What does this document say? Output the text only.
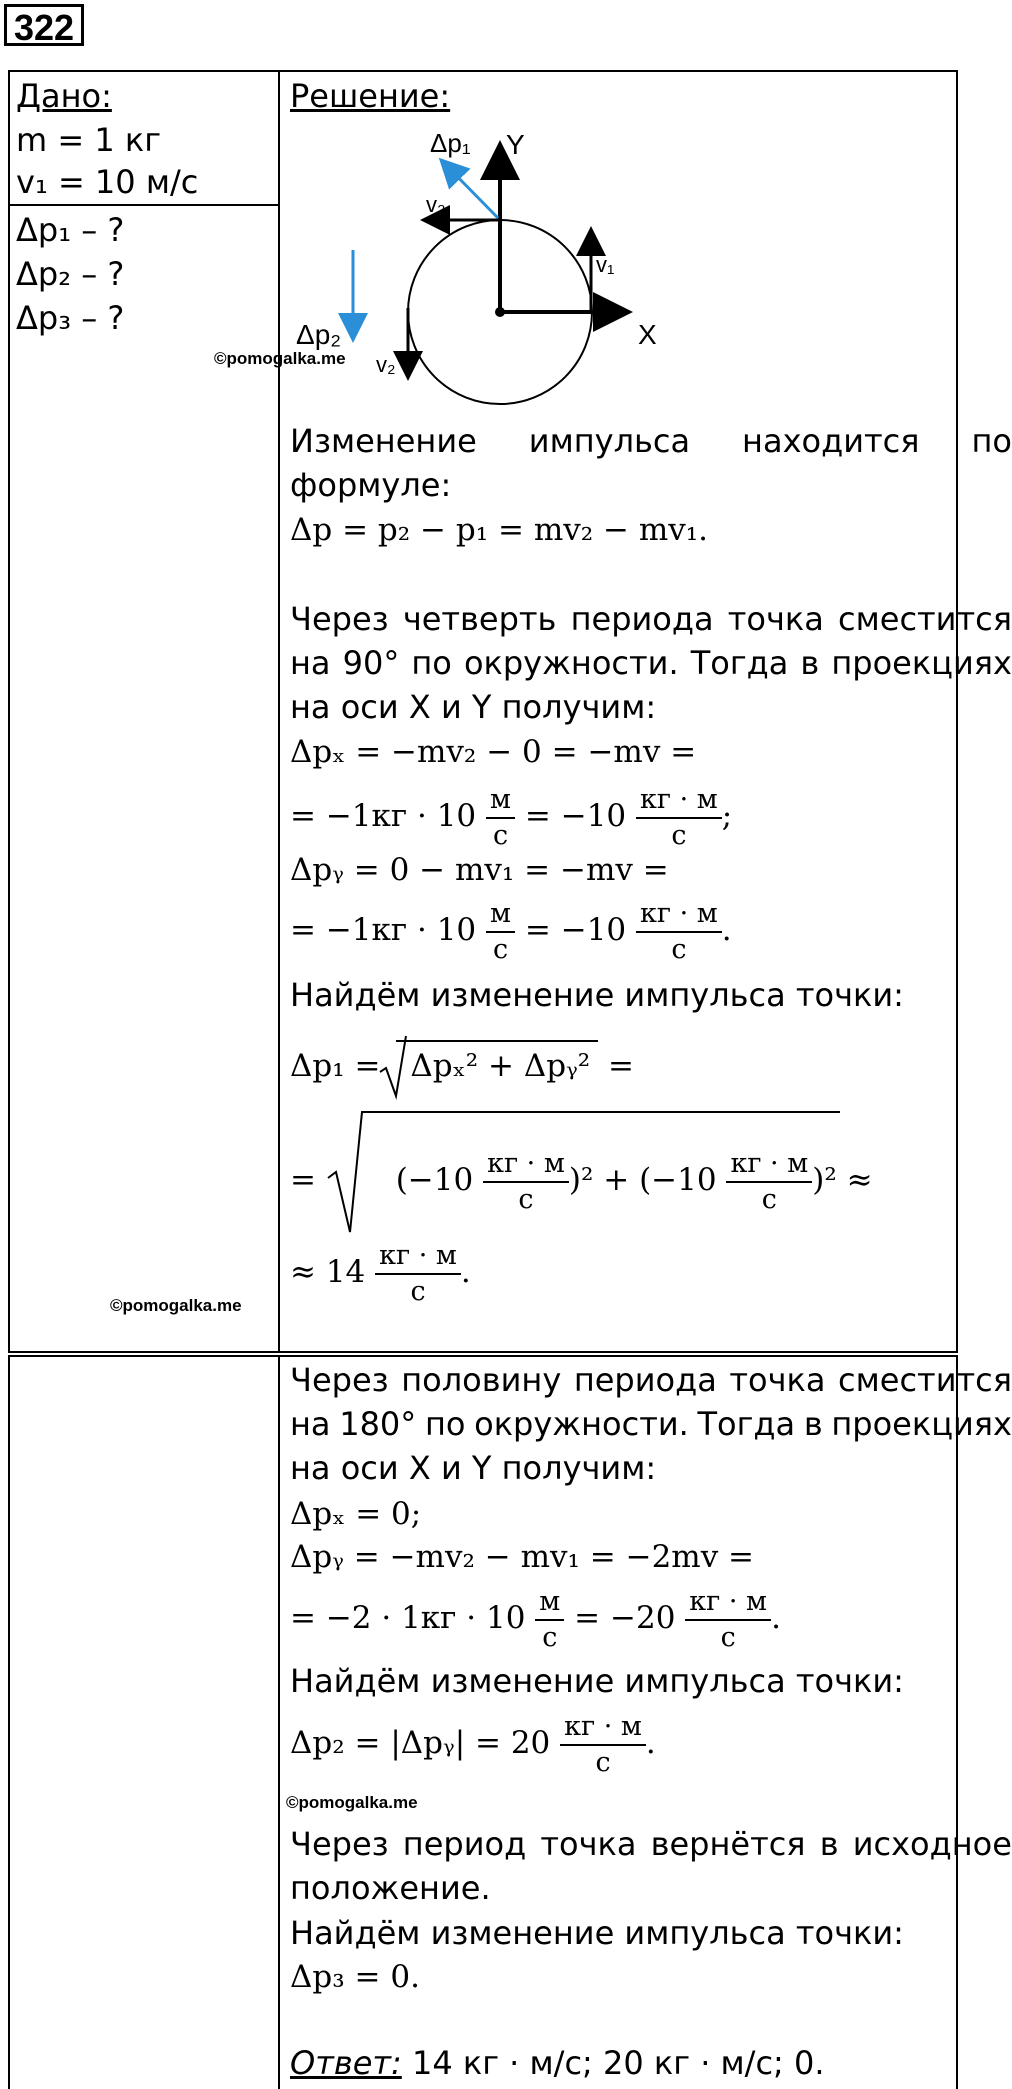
322
Дано:
m = 1 кг
v₁ = 10 м/с
Δp₁ – ?
Δp₂ – ?
Δp₃ – ?
©pomogalka.me
Решение:
Δp₁ Y
v₂
v₁
Δp₂	X
v₂
©pomogalka.me
Изменение импульса находится по
формуле:
Δp = p₂ − p₁ = mv₂ − mv₁.
Через четверть периода точка сместится
на 90° по окружности. Тогда в проекциях
на оси X и Y получим:
Δpₓ = −mv₂ − 0 = −mv =
= $-1кг \cdot 10 \frac{м}{с} = -10 \frac{кг \cdot м}{с}$ ;
Δpᵧ = 0 − mv₁ = −mv =
= $-1кг \cdot 10 \frac{м}{с} = -10 \frac{кг \cdot м}{с}$ .
Найдём изменение импульса точки:
Δp₁ = Δpₓ² + Δpᵧ² =
=	$(-10 \frac{кг \cdot м}{с} )^2 + (-10 \frac{кг \cdot м}{с} )^2$ ≈
≈ $14 \frac{кг \cdot м}{с}$ .
Через половину периода точка сместится
на 180° по окружности. Тогда в проекциях
на оси X и Y получим:
Δpₓ = 0;
Δpᵧ = −mv₂ − mv₁ = −2mv =
= $-2 \cdot 1кг \cdot 10 \frac{м}{с} = -20 \frac{кг \cdot м}{с}$ .
Найдём изменение импульса точки:
Δp₂ = |Δpᵧ| = $20 \frac{кг \cdot м}{с}$ .
©pomogalka.me
Через период точка вернётся в исходное
положение.
Найдём изменение импульса точки:
Δp₃ = 0.
Ответ: 14 кг · м/с; 20 кг · м/с; 0.
